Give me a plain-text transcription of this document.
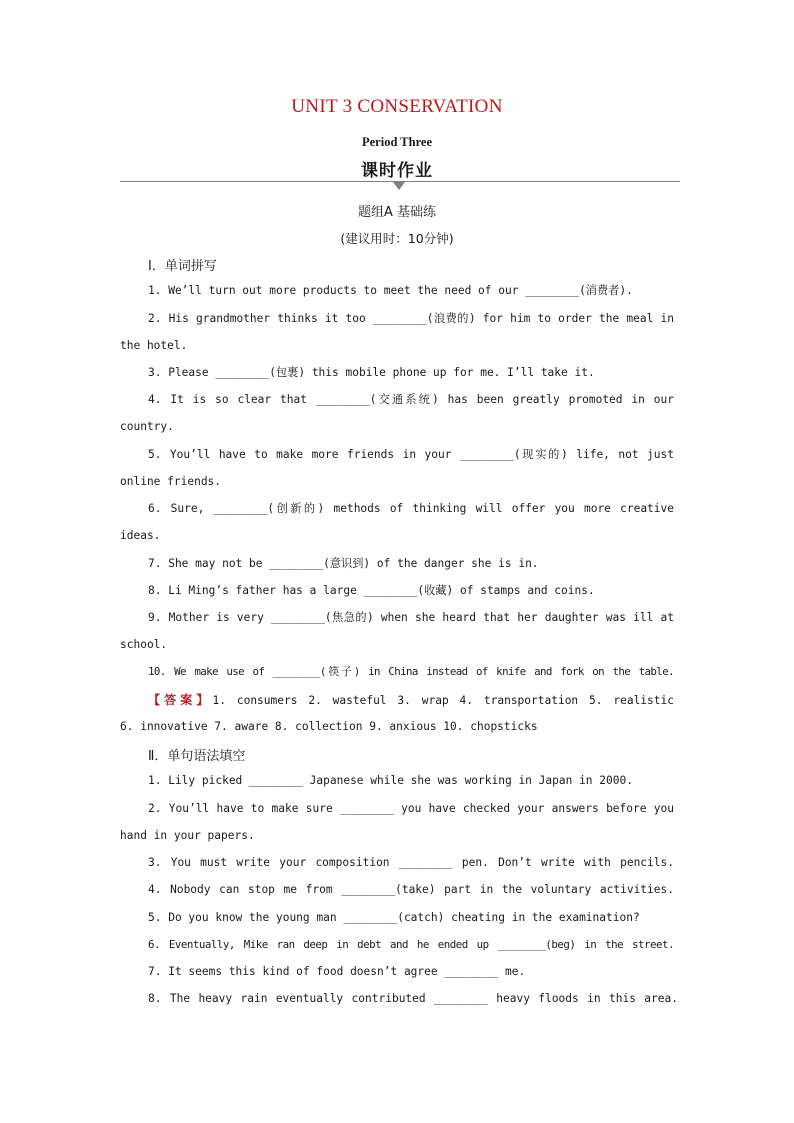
UNIT 3 CONSERVATION
Period Three
课时作业
题组A 基础练
(建议用时：10分钟)
Ⅰ．单词拼写
1. We’ll turn out more products to meet the need of our ________(消费者).
2. His grandmother thinks it too ________(浪费的) for him to order the meal in
the hotel.
3. Please ________(包裹) this mobile phone up for me. I’ll take it.
4. It is so clear that ________(交通系统) has been greatly promoted in our
country.
5. You’ll have to make more friends in your ________(现实的) life, not just
online friends.
6. Sure, ________(创新的) methods of thinking will offer you more creative
ideas.
7. She may not be ________(意识到) of the danger she is in.
8. Li Ming’s father has a large ________(收藏) of stamps and coins.
9. Mother is very ________(焦急的) when she heard that her daughter was ill at
school.
10. We make use of ________(筷子) in China instead of knife and fork on the table.
【答案】1. consumers 2. wasteful 3. wrap 4. transportation 5. realistic
6. innovative 7. aware 8. collection 9. anxious 10. chopsticks
Ⅱ．单句语法填空
1. Lily picked ________ Japanese while she was working in Japan in 2000.
2. You’ll have to make sure ________ you have checked your answers before you
hand in your papers.
3. You must write your composition ________ pen. Don’t write with pencils.
4. Nobody can stop me from ________(take) part in the voluntary activities.
5. Do you know the young man ________(catch) cheating in the examination?
6. Eventually, Mike ran deep in debt and he ended up ________(beg) in the street.
7. It seems this kind of food doesn’t agree ________ me.
8. The heavy rain eventually contributed ________ heavy floods in this area.
